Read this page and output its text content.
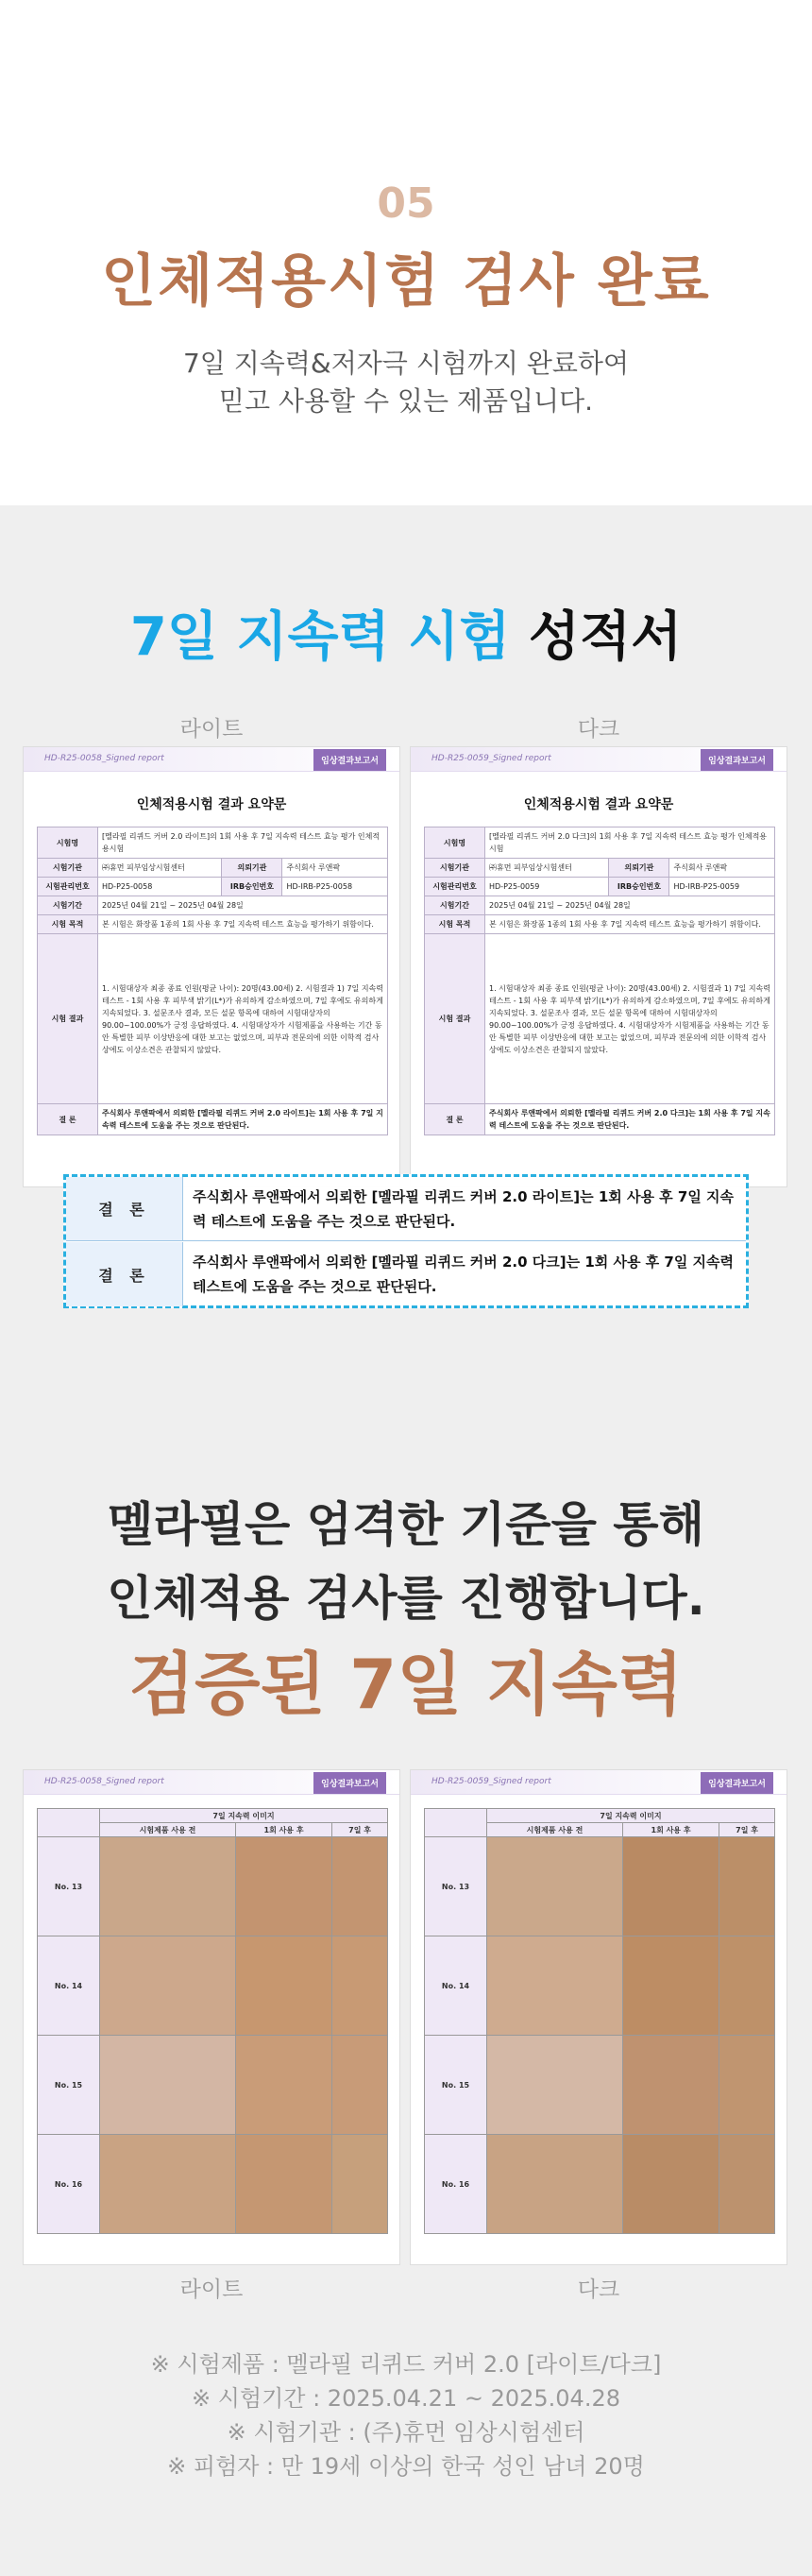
05
인체적용시험 검사 완료
7일 지속력&저자극 시험까지 완료하여
믿고 사용할 수 있는 제품입니다.
7일 지속력 시험 성적서
라이트	다크
HD-R25-0058_Signed report	임상결과보고서
인체적용시험 결과 요약문
시험명	[멜라필 리퀴드 커버 2.0 라이트]의 1회 사용 후 7일 지속력 테스트 효능 평가 인체적용시험		
시험기관	㈜휴먼 피부임상시험센터	의뢰기관	주식회사 루앤팍
시험관리번호	HD-P25-0058	IRB승인번호	HD-IRB-P25-0058
시험기간	2025년 04월 21일 ~ 2025년 04월 28일		
시험 목적	본 시험은 화장품 1종의 1회 사용 후 7일 지속력 테스트 효능을 평가하기 위함이다.		
시험 결과	1. 시험대상자 최종 종료 인원(평균 나이): 20명(43.00세) 2. 시험결과 1) 7일 지속력 테스트 - 1회 사용 후 피부색 밝기(L*)가 유의하게 감소하였으며, 7일 후에도 유의하게 지속되었다. 3. 설문조사 결과, 모든 설문 항목에 대하여 시험대상자의 90.00~100.00%가 긍정 응답하였다. 4. 시험대상자가 시험제품을 사용하는 기간 동안 특별한 피부 이상반응에 대한 보고는 없었으며, 피부과 전문의에 의한 이학적 검사상에도 이상소견은 관찰되지 않았다.		
결 론	주식회사 루앤팍에서 의뢰한 [멜라필 리퀴드 커버 2.0 라이트]는 1회 사용 후 7일 지속력 테스트에 도움을 주는 것으로 판단된다.		
HD-R25-0059_Signed report	임상결과보고서
인체적용시험 결과 요약문
시험명	[멜라필 리퀴드 커버 2.0 다크]의 1회 사용 후 7일 지속력 테스트 효능 평가 인체적용시험		
시험기관	㈜휴먼 피부임상시험센터	의뢰기관	주식회사 루앤팍
시험관리번호	HD-P25-0059	IRB승인번호	HD-IRB-P25-0059
시험기간	2025년 04월 21일 ~ 2025년 04월 28일		
시험 목적	본 시험은 화장품 1종의 1회 사용 후 7일 지속력 테스트 효능을 평가하기 위함이다.		
시험 결과	1. 시험대상자 최종 종료 인원(평균 나이): 20명(43.00세) 2. 시험결과 1) 7일 지속력 테스트 - 1회 사용 후 피부색 밝기(L*)가 유의하게 감소하였으며, 7일 후에도 유의하게 지속되었다. 3. 설문조사 결과, 모든 설문 항목에 대하여 시험대상자의 90.00~100.00%가 긍정 응답하였다. 4. 시험대상자가 시험제품을 사용하는 기간 동안 특별한 피부 이상반응에 대한 보고는 없었으며, 피부과 전문의에 의한 이학적 검사상에도 이상소견은 관찰되지 않았다.		
결 론	주식회사 루앤팍에서 의뢰한 [멜라필 리퀴드 커버 2.0 다크]는 1회 사용 후 7일 지속력 테스트에 도움을 주는 것으로 판단된다.		
결 론
주식회사 루앤팍에서 의뢰한 [멜라필 리퀴드 커버 2.0 라이트]는 1회 사용 후 7일 지속력 테스트에 도움을 주는 것으로 판단된다.
결 론
주식회사 루앤팍에서 의뢰한 [멜라필 리퀴드 커버 2.0 다크]는 1회 사용 후 7일 지속력 테스트에 도움을 주는 것으로 판단된다.
멜라필은 엄격한 기준을 통해
인체적용 검사를 진행합니다.
검증된 7일 지속력
HD-R25-0058_Signed report	임상결과보고서
	7일 지속력 이미지		
	시험제품 사용 전	1회 사용 후	7일 후
No. 13	

No. 14	

No. 15	

No. 16	

HD-R25-0059_Signed report	임상결과보고서
	7일 지속력 이미지		
	시험제품 사용 전	1회 사용 후	7일 후
No. 13	

No. 14	

No. 15	

No. 16	

라이트	다크
※ 시험제품 : 멜라필 리퀴드 커버 2.0 [라이트/다크]
※ 시험기간 : 2025.04.21 ~ 2025.04.28
※ 시험기관 : (주)휴먼 임상시험센터
※ 피험자 : 만 19세 이상의 한국 성인 남녀 20명
